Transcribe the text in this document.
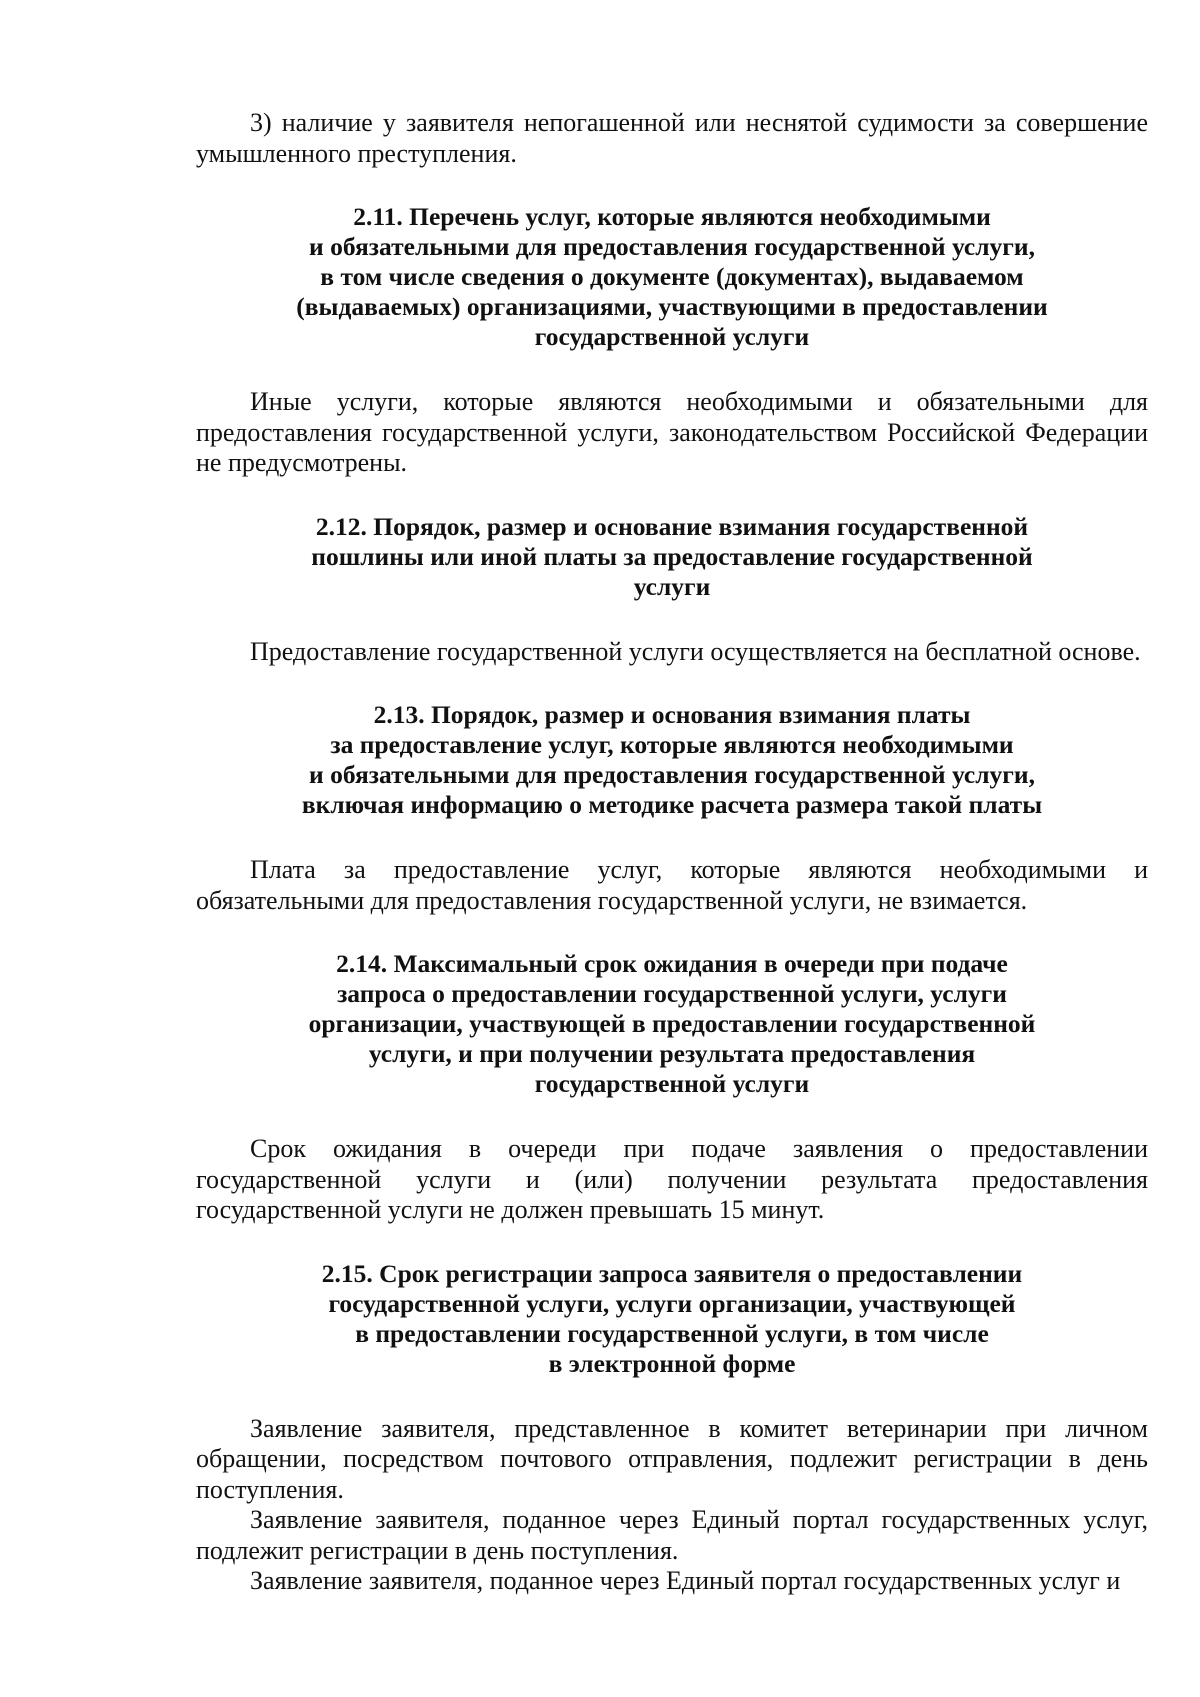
3) наличие у заявителя непогашенной или неснятой судимости за совершение умышленного преступления.

2.11. Перечень услуг, которые являются необходимыми
и обязательными для предоставления государственной услуги,
в том числе сведения о документе (документах), выдаваемом
(выдаваемых) организациями, участвующими в предоставлении
государственной услуги

Иные услуги, которые являются необходимыми и обязательными для предоставления государственной услуги, законодательством Российской Федерации не предусмотрены.

2.12. Порядок, размер и основание взимания государственной
пошлины или иной платы за предоставление государственной
услуги

Предоставление государственной услуги осуществляется на бесплатной основе.

2.13. Порядок, размер и основания взимания платы
за предоставление услуг, которые являются необходимыми
и обязательными для предоставления государственной услуги,
включая информацию о методике расчета размера такой платы

Плата за предоставление услуг, которые являются необходимыми и обязательными для предоставления государственной услуги, не взимается.

2.14. Максимальный срок ожидания в очереди при подаче
запроса о предоставлении государственной услуги, услуги
организации, участвующей в предоставлении государственной
услуги, и при получении результата предоставления
государственной услуги

Срок ожидания в очереди при подаче заявления о предоставлении государственной услуги и (или) получении результата предоставления государственной услуги не должен превышать 15 минут.

2.15. Срок регистрации запроса заявителя о предоставлении
государственной услуги, услуги организации, участвующей
в предоставлении государственной услуги, в том числе
в электронной форме

Заявление заявителя, представленное в комитет ветеринарии при личном обращении, посредством почтового отправления, подлежит регистрации в день поступления.

Заявление заявителя, поданное через Единый портал государственных услуг, подлежит регистрации в день поступления.

Заявление заявителя, поданное через Единый портал государственных услуг и
